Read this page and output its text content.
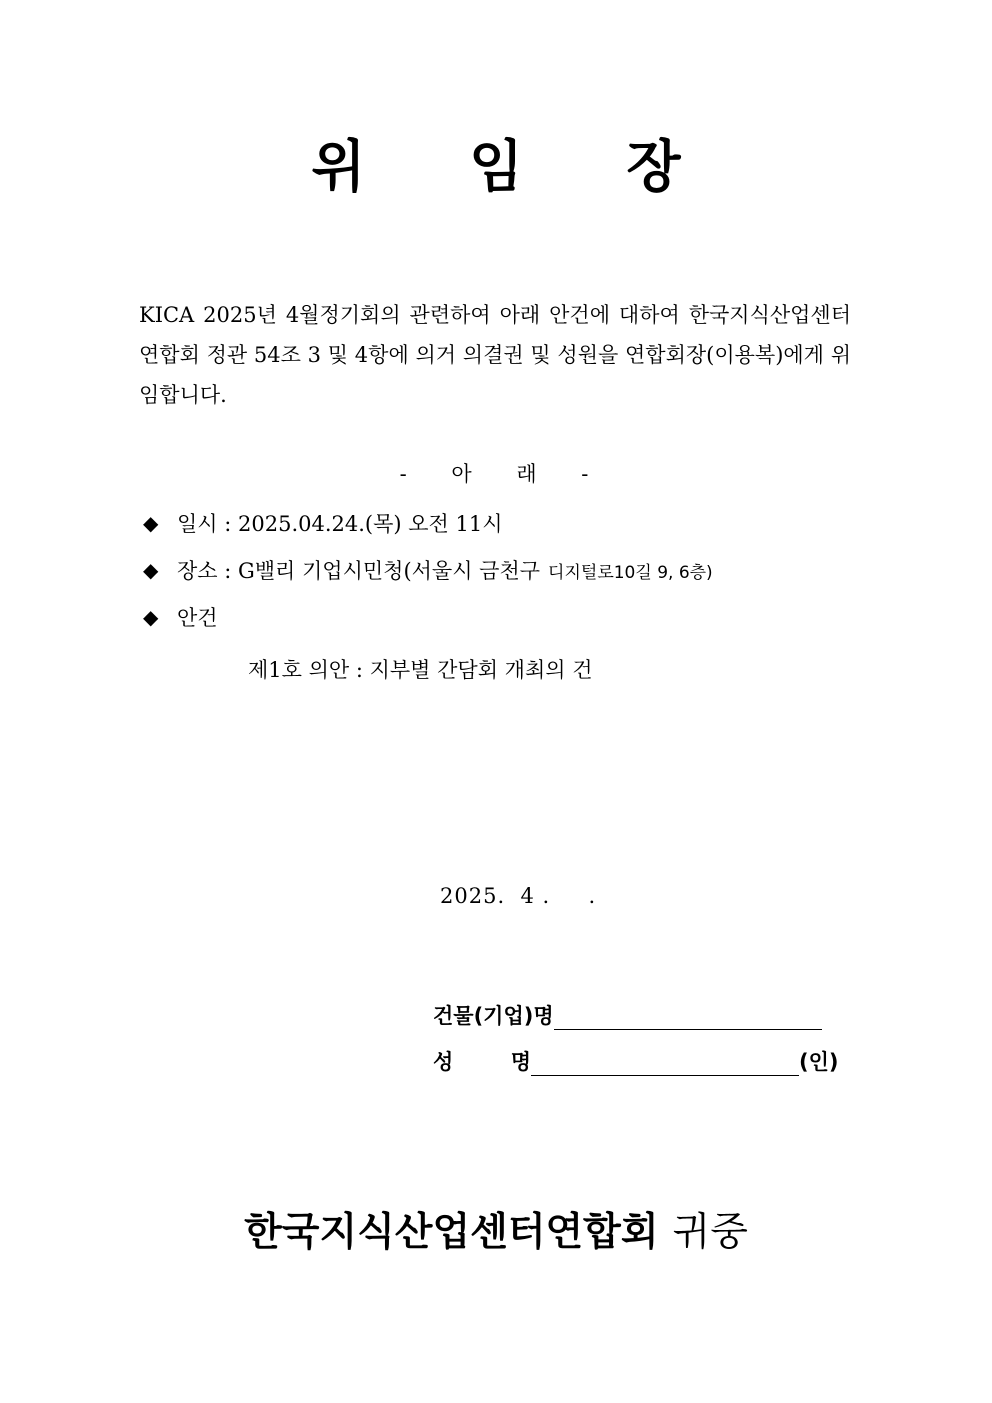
위 임 장
KICA 2025년 4월정기회의 관련하여 아래 안건에 대하여 한국지식산업센터연합회 정관 54조 3 및 4항에 의거 의결권 및 성원을 연합회장(이용복)에게 위임합니다.
- 아 래 -
◆ 일시 : 2025.04.24.(목) 오전 11시
◆ 장소 : G밸리 기업시민청(서울시 금천구 디지털로10길 9, 6층)
◆ 안건
제1호 의안 : 지부별 간담회 개최의 건
2025.  4 .     .
건물(기업)명
성 명	(인)
한국지식산업센터연합회 귀중
